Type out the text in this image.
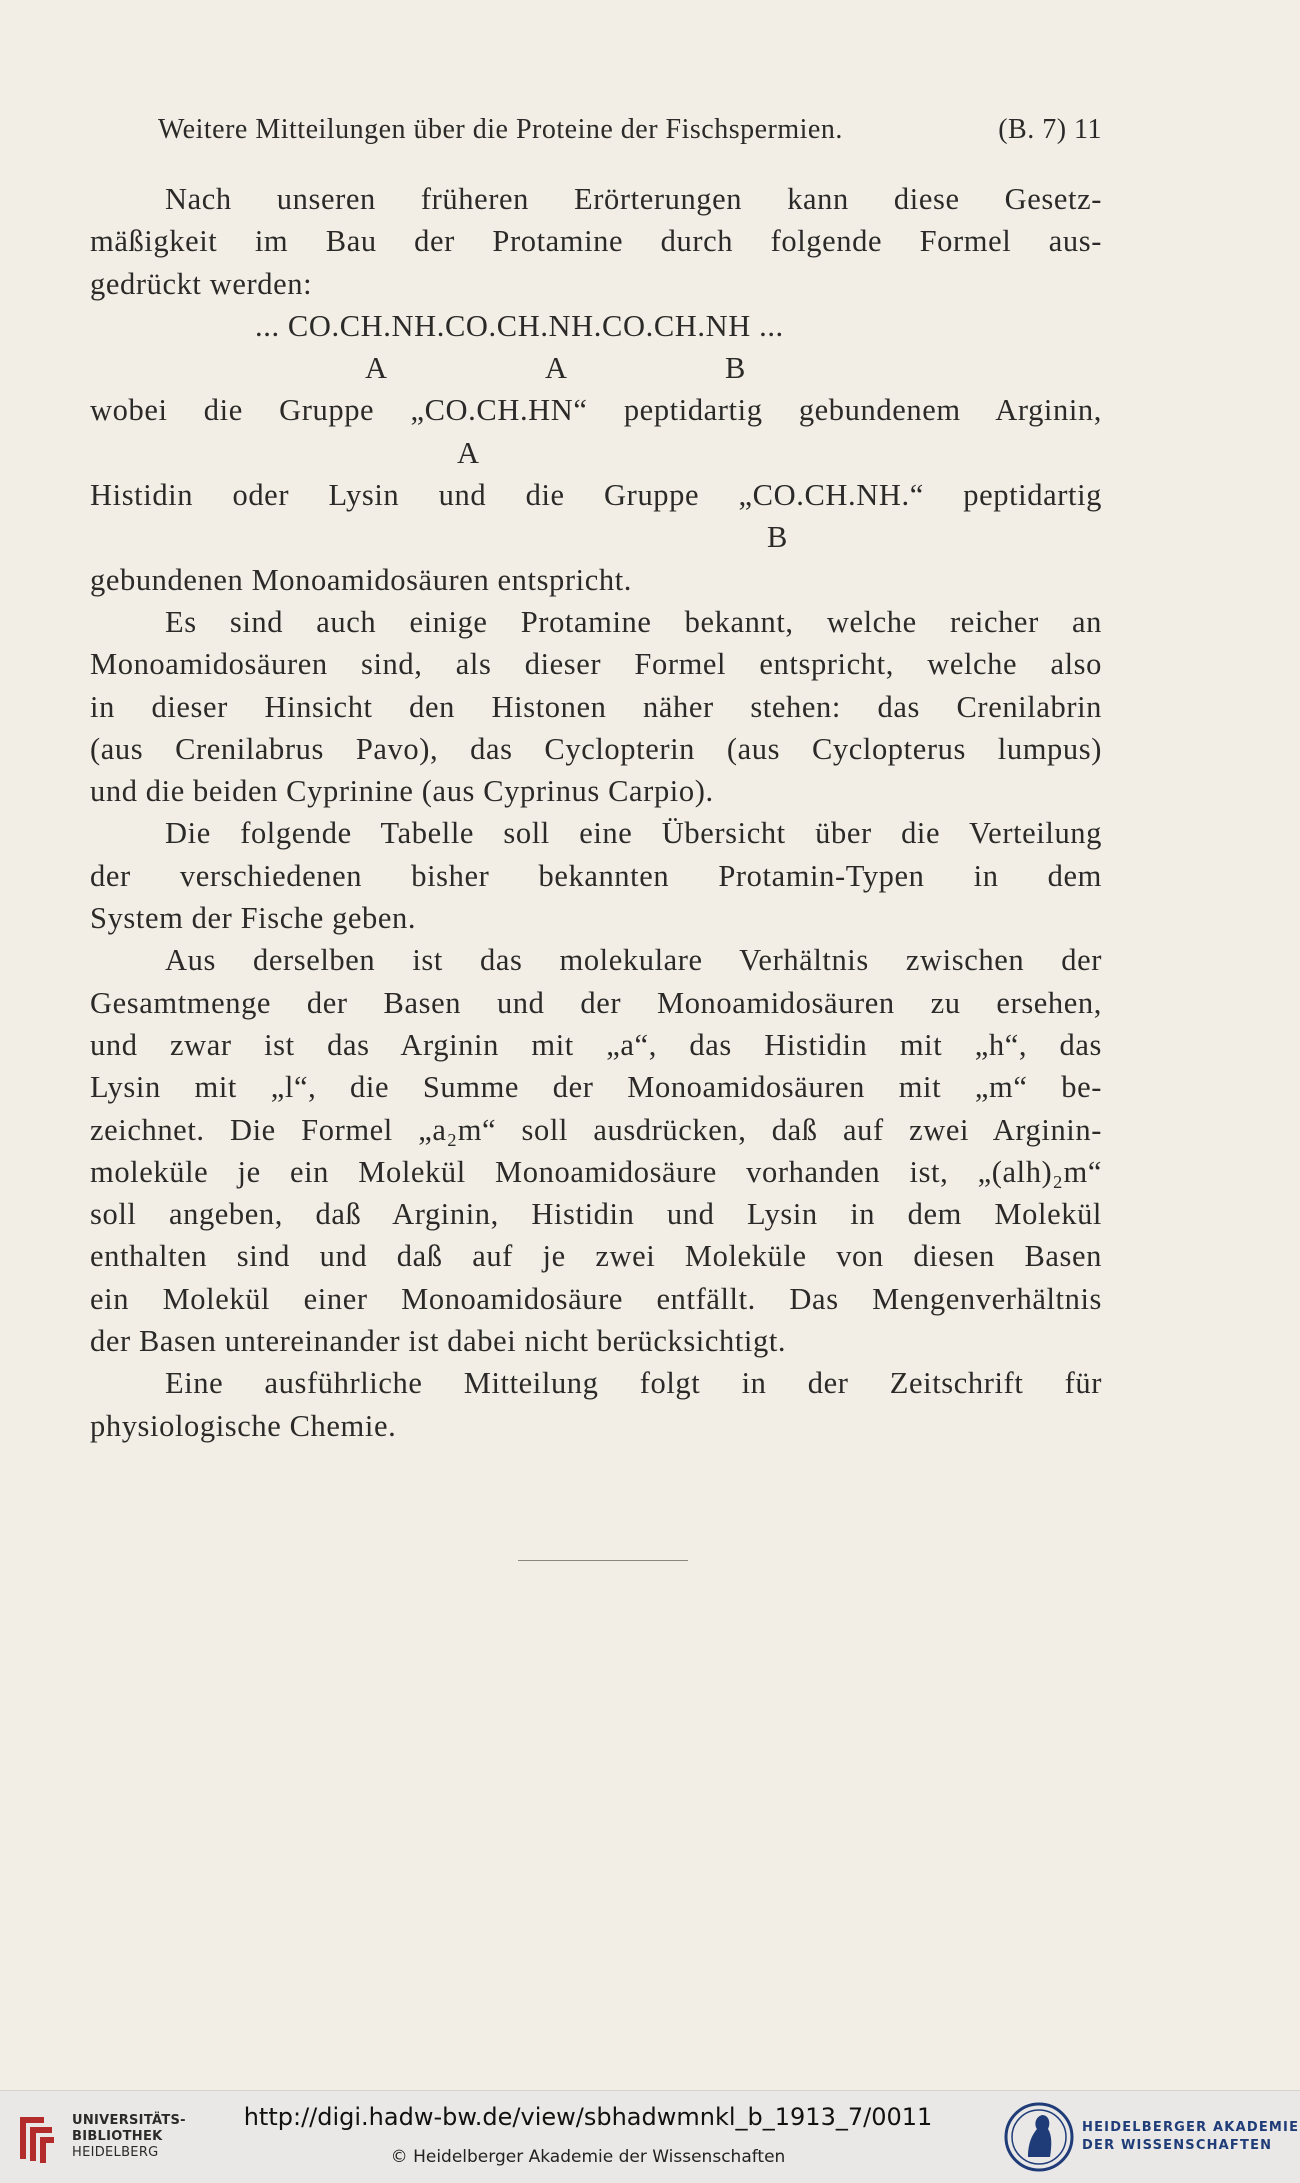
Weitere Mitteilungen über die Proteine der Fischspermien.	(B. 7) 11

Nach unseren früheren Erörterungen kann diese Gesetz-
mäßigkeit im Bau der Protamine durch folgende Formel aus-
gedrückt werden:

... CO.CH.NH.CO.CH.NH.CO.CH.NH ...
A	A	B

wobei die Gruppe „CO.CH.HN“ peptidartig gebundenem Arginin,

A

Histidin oder Lysin und die Gruppe „CO.CH.NH.“ peptidartig

B

gebundenen Monoamidosäuren entspricht.

Es sind auch einige Protamine bekannt, welche reicher an
Monoamidosäuren sind, als dieser Formel entspricht, welche also
in dieser Hinsicht den Histonen näher stehen: das Crenilabrin
(aus Crenilabrus Pavo), das Cyclopterin (aus Cyclopterus lumpus)
und die beiden Cyprinine (aus Cyprinus Carpio).

Die folgende Tabelle soll eine Übersicht über die Verteilung
der verschiedenen bisher bekannten Protamin-Typen in dem
System der Fische geben.

Aus derselben ist das molekulare Verhältnis zwischen der
Gesamtmenge der Basen und der Monoamidosäuren zu ersehen,
und zwar ist das Arginin mit „a“, das Histidin mit „h“, das
Lysin mit „l“, die Summe der Monoamidosäuren mit „m“ be-
zeichnet. Die Formel „a₂m“ soll ausdrücken, daß auf zwei Arginin-
moleküle je ein Molekül Monoamidosäure vorhanden ist, „(alh)₂m“
soll angeben, daß Arginin, Histidin und Lysin in dem Molekül
enthalten sind und daß auf je zwei Moleküle von diesen Basen
ein Molekül einer Monoamidosäure entfällt. Das Mengenverhältnis
der Basen untereinander ist dabei nicht berücksichtigt.

Eine ausführliche Mitteilung folgt in der Zeitschrift für
physiologische Chemie.

UNIVERSITÄTS-
BIBLIOTHEK
HEIDELBERG
http://digi.hadw-bw.de/view/sbhadwmnkl_b_1913_7/0011
© Heidelberger Akademie der Wissenschaften
HEIDELBERGER AKADEMIE
DER WISSENSCHAFTEN
